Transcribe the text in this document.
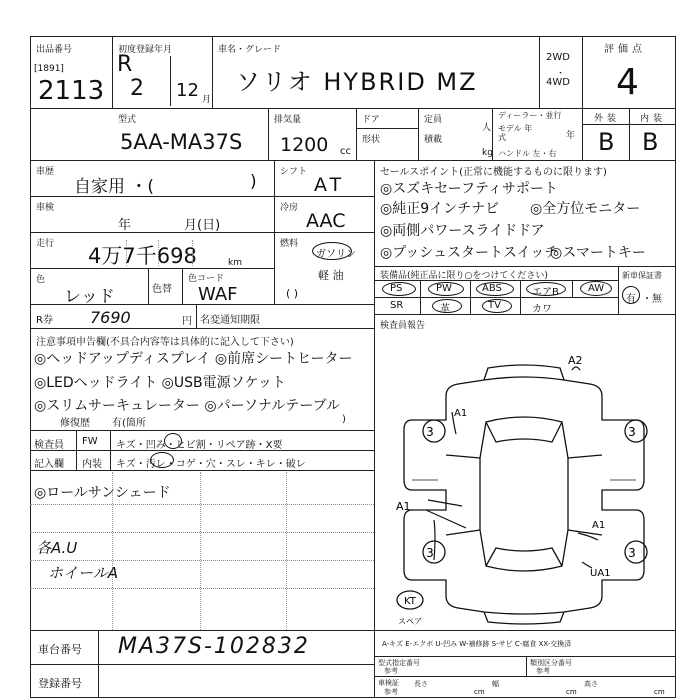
出品番号
[1891]
2113
初度登録年月
R
2 12 月
車名・グレード
ソリオ HYBRID MZ
2WD
・
4WD
評価点
4
型式
5AA-MA37S
排気量
1200 cc
ドア
形状
定員
人
積載
kg
ディーラー・並行
モデル 年式	年
ハンドル 左・右
外装 内装
B B
車歴
自家用 ・(	)
車検
年	月(日)
走行 4万7千698	km
色
レッド	色替
色コード
WAF
シフト
AT
冷房
AAC
燃料
ガソリン
軽 油
( )
R券 7690	円 名変通知期限
セールスポイント(正常に機能するものに限ります)
◎スズキセーフティサポート
◎純正9インチナビ ◎全方位モニター
◎両側パワースライドドア
◎プッシュスタートスイッチ
◎スマートキー
装備品(純正品に限り○をつけてください)	新車保証書
有 ・無
PS	PW	ABS	エアB	AW
SR	革	TV	カワ
検査員報告
注意事項申告欄(不具合内容等は具体的に記入して下さい)
◎ヘッドアップディスプレイ ◎前席シートヒーター
◎LEDヘッドライト ◎USB電源ソケット
◎スリムサーキュレーター ◎パーソナルテーブル
修復歴 有(箇所	)
検査員
記入欄
FW キズ・凹み・ヒビ割・リペア跡・X要
内装 キズ・汚レ・コゲ・穴・スレ・キレ・破レ
◎ロールサンシェード
各A.U
ホイールA
A2
A1
3	3
A1
A1
3	3
UA1
KT
スペア
車台番号 MA37S-102832
登録番号
A-キズ E-エクボ U-凹み W-補修跡 S-サビ C-腐食 XX-交換済
型式指定番号
参考
類別区分番号
参考
車検証
参考
長さ
cm
幅
cm
高さ
cm
